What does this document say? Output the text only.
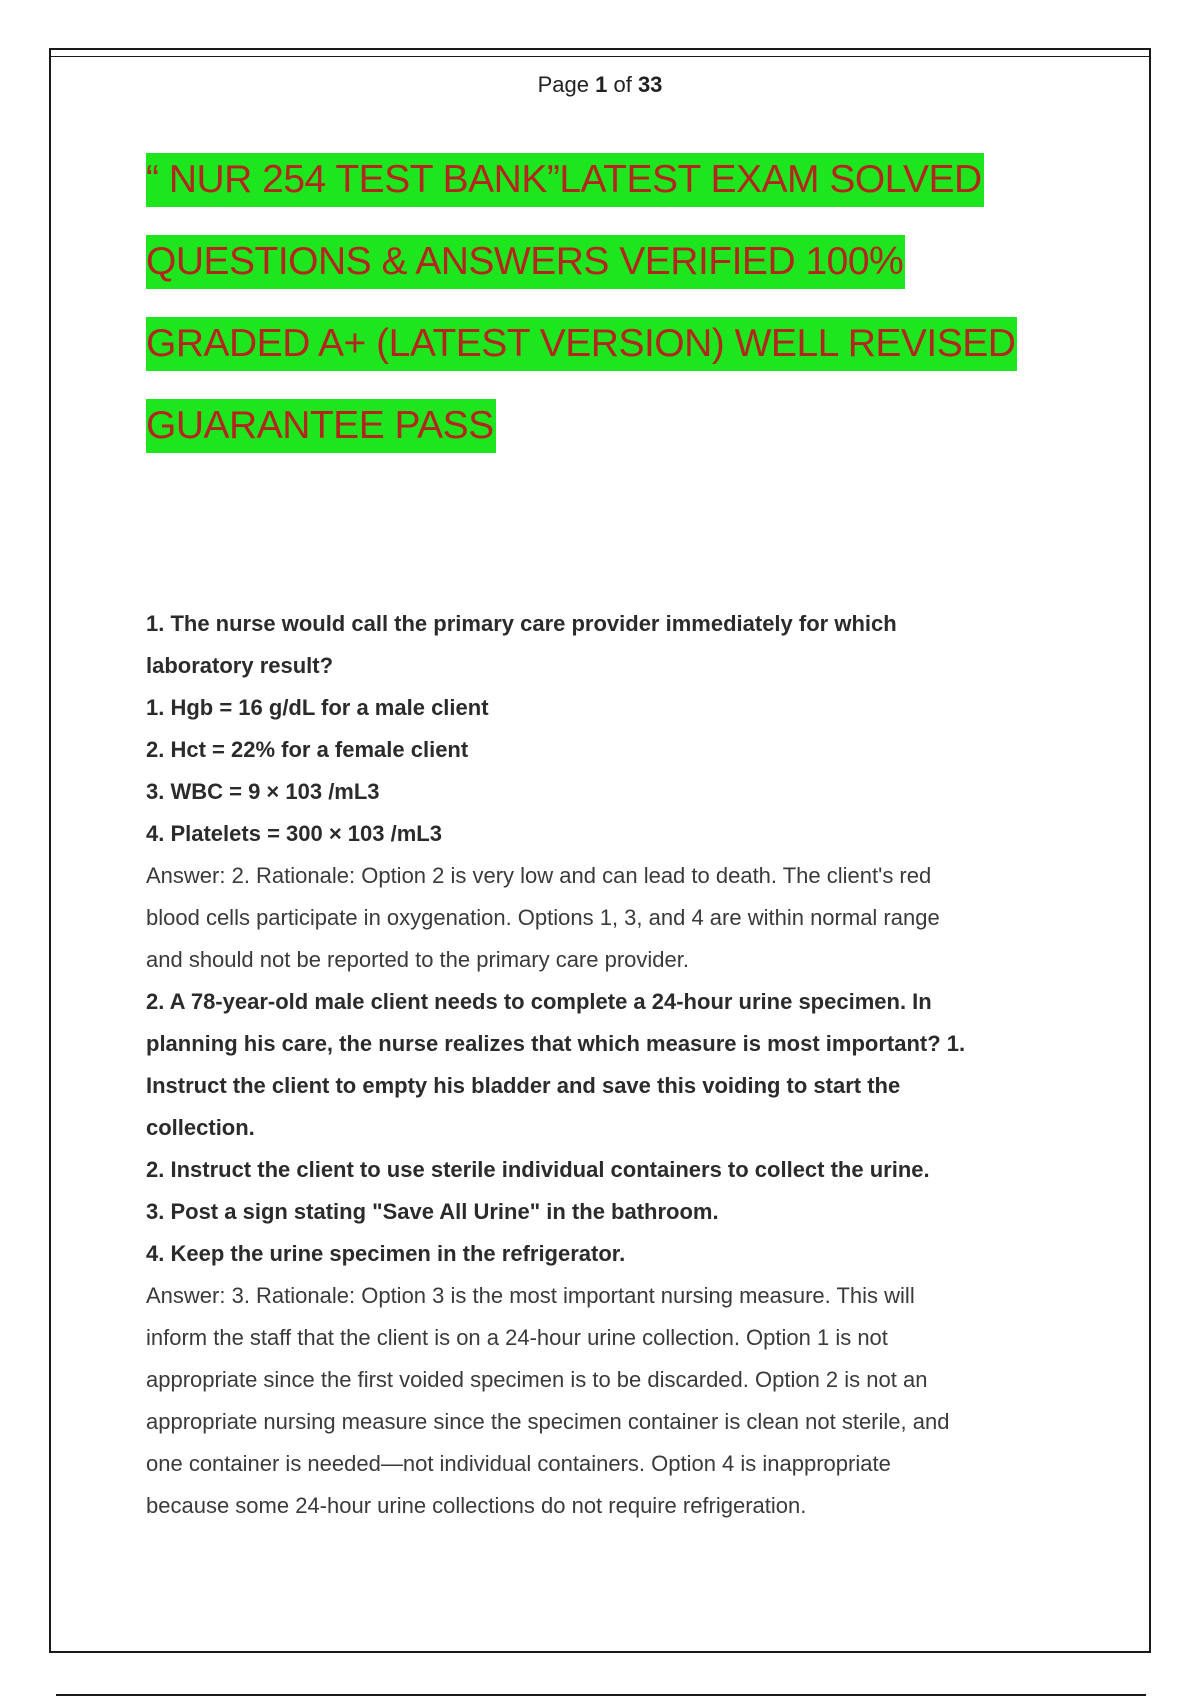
Page 1 of 33
“ NUR 254 TEST BANK”LATEST EXAM SOLVED
QUESTIONS & ANSWERS VERIFIED 100%
GRADED A+ (LATEST VERSION) WELL REVISED
GUARANTEE PASS

1. The nurse would call the primary care provider immediately for which

laboratory result?

1. Hgb = 16 g/dL for a male client

2. Hct = 22% for a female client

3. WBC = 9 × 103 /mL3

4. Platelets = 300 × 103 /mL3

Answer: 2. Rationale: Option 2 is very low and can lead to death. The client's red

blood cells participate in oxygenation. Options 1, 3, and 4 are within normal range

and should not be reported to the primary care provider.

2. A 78-year-old male client needs to complete a 24-hour urine specimen. In

planning his care, the nurse realizes that which measure is most important? 1.

Instruct the client to empty his bladder and save this voiding to start the

collection.

2. Instruct the client to use sterile individual containers to collect the urine.

3. Post a sign stating "Save All Urine" in the bathroom.

4. Keep the urine specimen in the refrigerator.

Answer: 3. Rationale: Option 3 is the most important nursing measure. This will

inform the staff that the client is on a 24-hour urine collection. Option 1 is not

appropriate since the first voided specimen is to be discarded. Option 2 is not an

appropriate nursing measure since the specimen container is clean not sterile, and

one container is needed—not individual containers. Option 4 is inappropriate

because some 24-hour urine collections do not require refrigeration.
